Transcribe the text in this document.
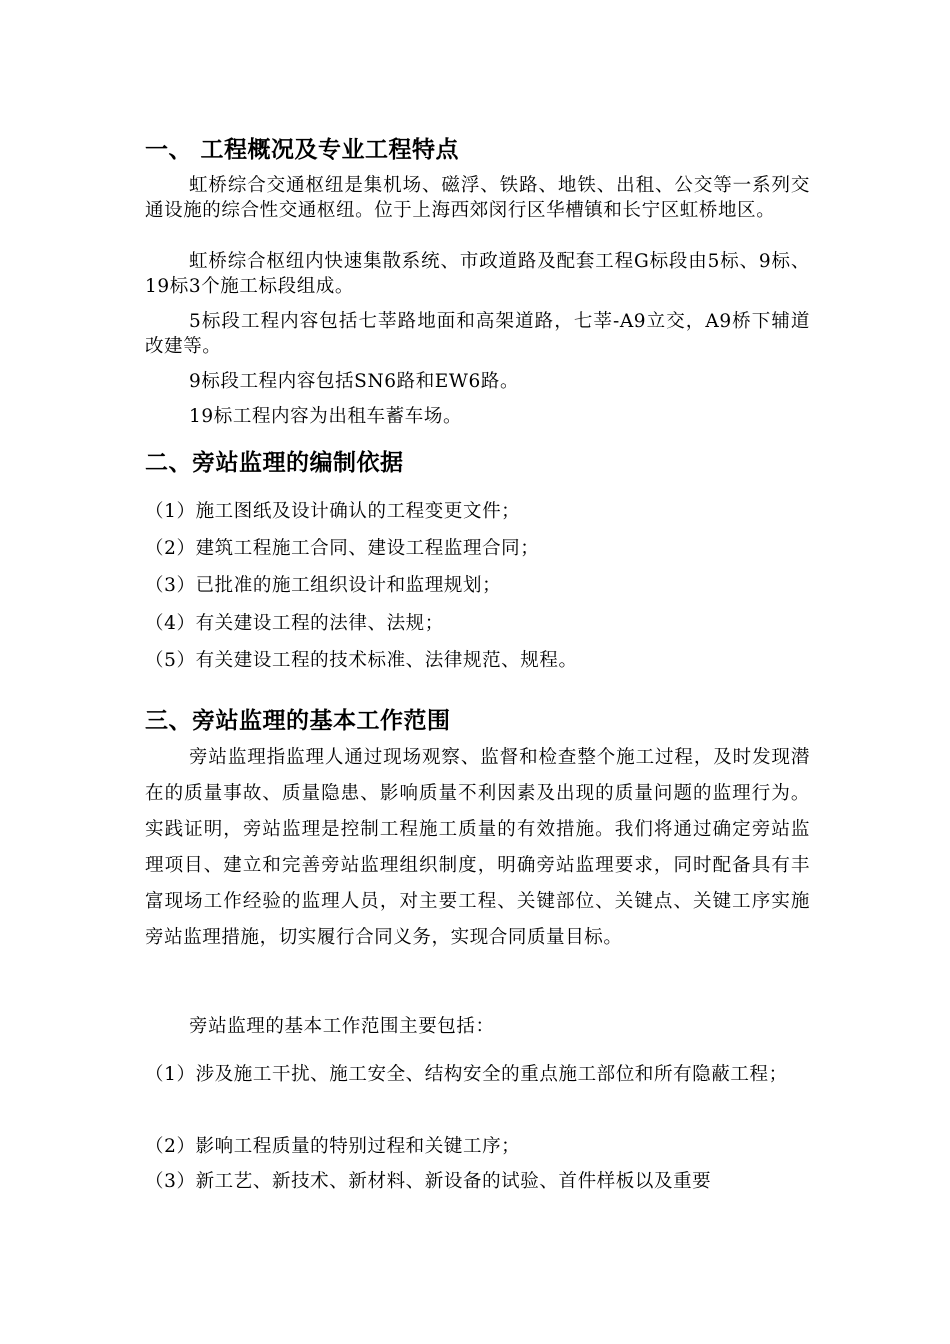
一、 工程概况及专业工程特点

虹桥综合交通枢纽是集机场、磁浮、铁路、地铁、出租、公交等一系列交通设施的综合性交通枢纽。位于上海西郊闵行区华槽镇和长宁区虹桥地区。

虹桥综合枢纽内快速集散系统、市政道路及配套工程G标段由5标、9标、19标3个施工标段组成。

5标段工程内容包括七莘路地面和高架道路，七莘-A9立交，A9桥下辅道改建等。

9标段工程内容包括SN6路和EW6路。

19标工程内容为出租车蓄车场。

二、旁站监理的编制依据

（1）施工图纸及设计确认的工程变更文件；

（2）建筑工程施工合同、建设工程监理合同；

（3）已批准的施工组织设计和监理规划；

（4）有关建设工程的法律、法规；

（5）有关建设工程的技术标准、法律规范、规程。

三、旁站监理的基本工作范围

旁站监理指监理人通过现场观察、监督和检查整个施工过程，及时发现潜在的质量事故、质量隐患、影响质量不利因素及出现的质量问题的监理行为。实践证明，旁站监理是控制工程施工质量的有效措施。我们将通过确定旁站监理项目、建立和完善旁站监理组织制度，明确旁站监理要求，同时配备具有丰富现场工作经验的监理人员，对主要工程、关键部位、关键点、关键工序实施旁站监理措施，切实履行合同义务，实现合同质量目标。

旁站监理的基本工作范围主要包括：

（1）涉及施工干扰、施工安全、结构安全的重点施工部位和所有隐蔽工程；

（2）影响工程质量的特别过程和关键工序；

（3）新工艺、新技术、新材料、新设备的试验、首件样板以及重要
